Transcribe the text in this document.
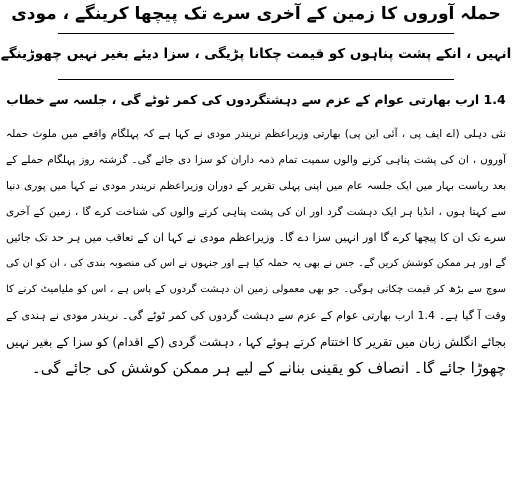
حملہ آوروں کا زمین کے آخری سرے تک پیچھا کرینگے ، مودی
انہیں ، انکے پشت پناہوں کو قیمت چکانا پڑیگی ، سزا دیئے بغیر نہیں چھوڑینگے
1.4 ارب بھارتی عوام کے عزم سے دہشتگردوں کی کمر ٹوٹے گی ، جلسہ سے خطاب
نئی دہلی (اے ایف پی ، آئی این پی) بھارتی وزیراعظم نریندر مودی نے کہا ہے کہ پہلگام واقعے میں ملوث حملہ
آوروں ، ان کی پشت پناہی کرنے والوں سمیت تمام ذمہ داران کو سزا دی جائے گی۔ گزشتہ روز پہلگام حملے کے
بعد ریاست بہار میں ایک جلسہ عام میں اپنی پہلی تقریر کے دوران وزیراعظم نریندر مودی نے کہا میں پوری دنیا
سے کہتا ہوں ، انڈیا ہر ایک دہشت گرد اور ان کی پشت پناہی کرنے والوں کی شناخت کرے گا ، زمین کے آخری
سرے تک ان کا پیچھا کرے گا اور انہیں سزا دے گا۔ وزیراعظم مودی نے کہا ان کے تعاقب میں ہر حد تک جائیں
گے اور ہر ممکن کوشش کریں گے۔ جس نے بھی یہ حملہ کیا ہے اور جنہوں نے اس کی منصوبہ بندی کی ، ان کو ان کی
سوچ سے بڑھ کر قیمت چکانی ہوگی۔ جو بھی معمولی زمین ان دہشت گردوں کے پاس ہے ، اس کو ملیامیٹ کرنے کا
وقت آ گیا ہے۔ 1.4 ارب بھارتی عوام کے عزم سے دہشت گردوں کی کمر ٹوٹے گی۔ نریندر مودی نے ہندی کے
بجائے انگلش زبان میں تقریر کا اختتام کرتے ہوئے کہا ، دہشت گردی (کے اقدام) کو سزا کے بغیر نہیں
چھوڑا جائے گا۔ انصاف کو یقینی بنانے کے لیے ہر ممکن کوشش کی جائے گی۔
